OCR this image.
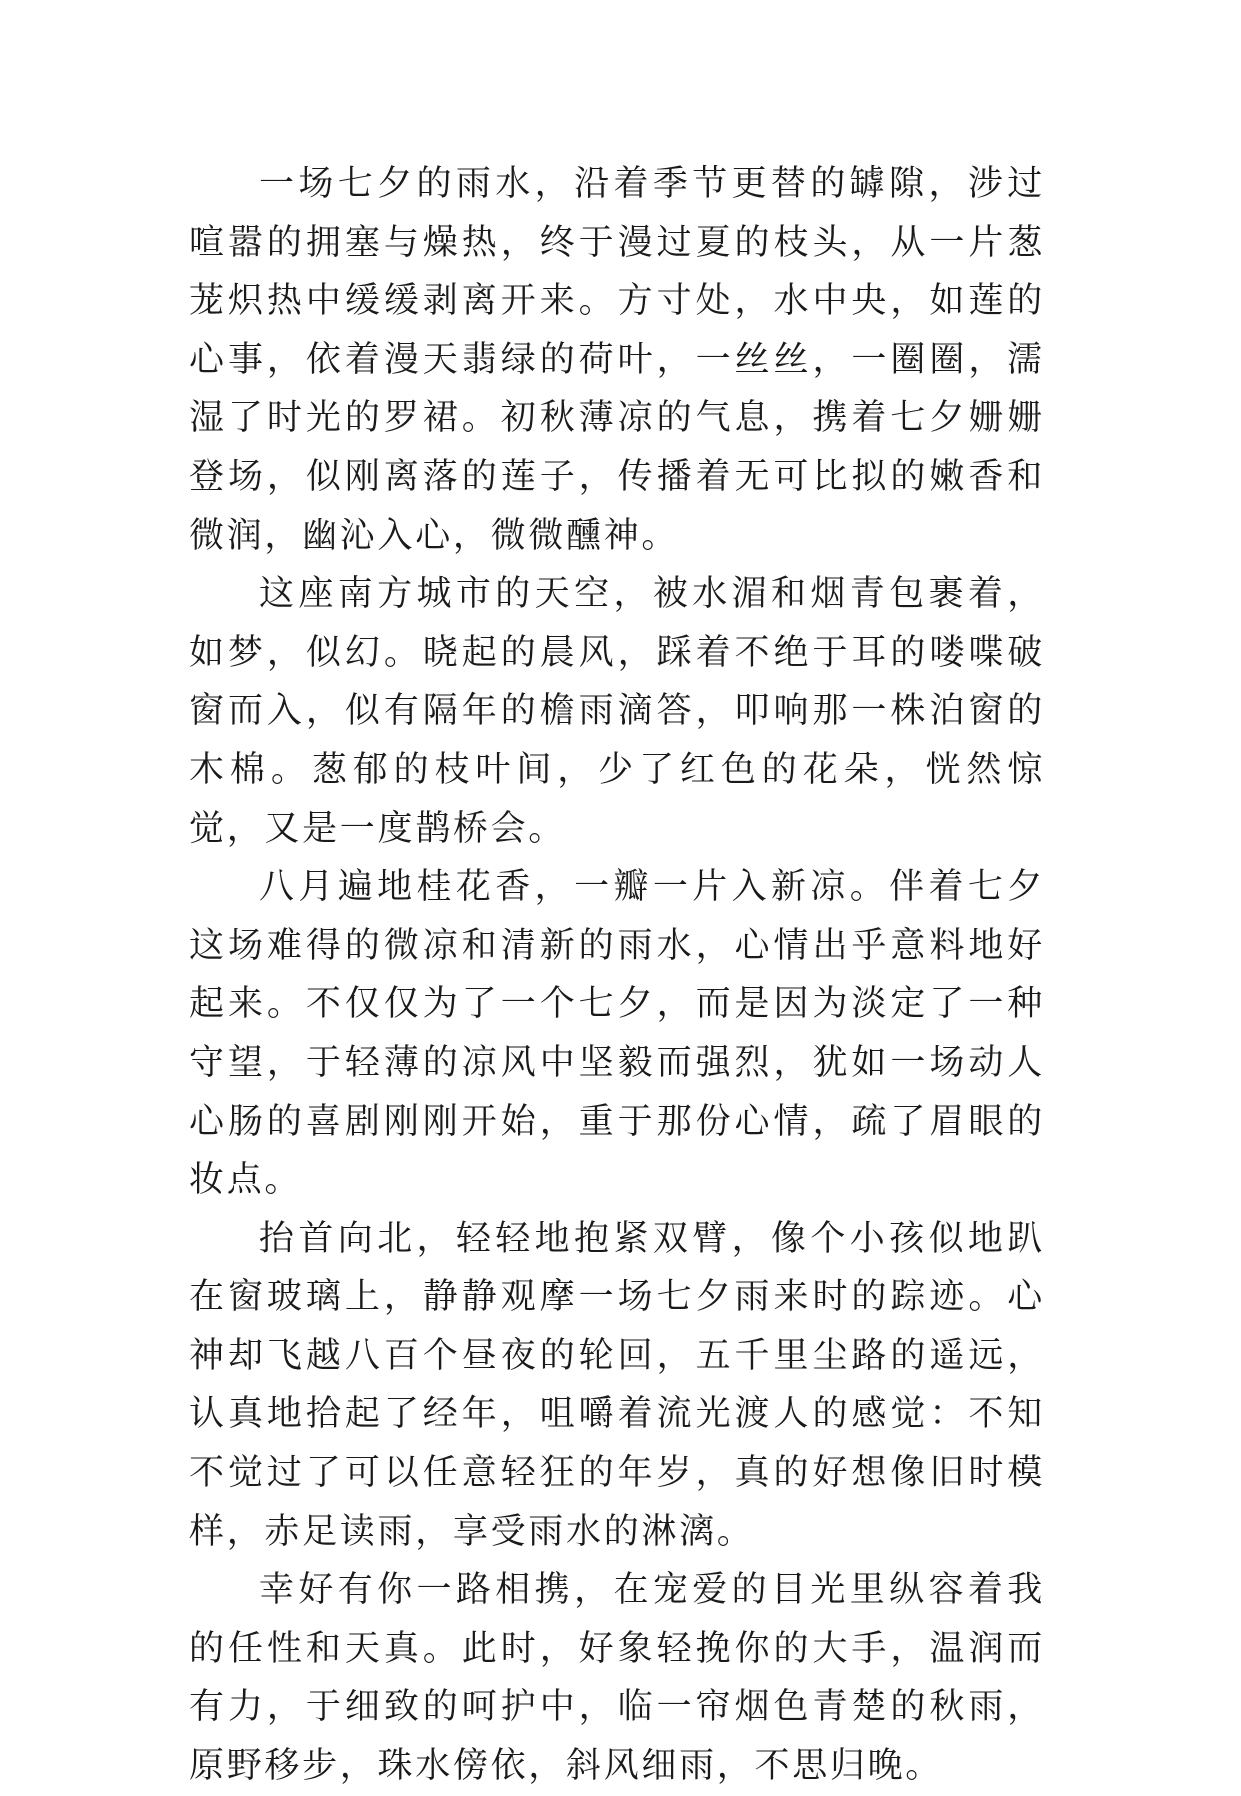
一场七夕的雨水，沿着季节更替的罅隙，涉过喧嚣的拥塞与燥热，终于漫过夏的枝头，从一片葱茏炽热中缓缓剥离开来。方寸处，水中央，如莲的心事，依着漫天翡绿的荷叶，一丝丝，一圈圈，濡湿了时光的罗裙。初秋薄凉的气息，携着七夕姗姗登场，似刚离落的莲子，传播着无可比拟的嫩香和微润，幽沁入心，微微醺神。

这座南方城市的天空，被水湄和烟青包裹着，如梦，似幻。晓起的晨风，踩着不绝于耳的喽喋破窗而入，似有隔年的檐雨滴答，叩响那一株泊窗的木棉。葱郁的枝叶间，少了红色的花朵，恍然惊觉，又是一度鹊桥会。

八月遍地桂花香，一瓣一片入新凉。伴着七夕这场难得的微凉和清新的雨水，心情出乎意料地好起来。不仅仅为了一个七夕，而是因为淡定了一种守望，于轻薄的凉风中坚毅而强烈，犹如一场动人心肠的喜剧刚刚开始，重于那份心情，疏了眉眼的妆点。

抬首向北，轻轻地抱紧双臂，像个小孩似地趴在窗玻璃上，静静观摩一场七夕雨来时的踪迹。心神却飞越八百个昼夜的轮回，五千里尘路的遥远，认真地拾起了经年，咀嚼着流光渡人的感觉：不知不觉过了可以任意轻狂的年岁，真的好想像旧时模样，赤足读雨，享受雨水的淋漓。

幸好有你一路相携，在宠爱的目光里纵容着我的任性和天真。此时，好象轻挽你的大手，温润而有力，于细致的呵护中，临一帘烟色青楚的秋雨，原野移步，珠水傍依，斜风细雨，不思归晚。
